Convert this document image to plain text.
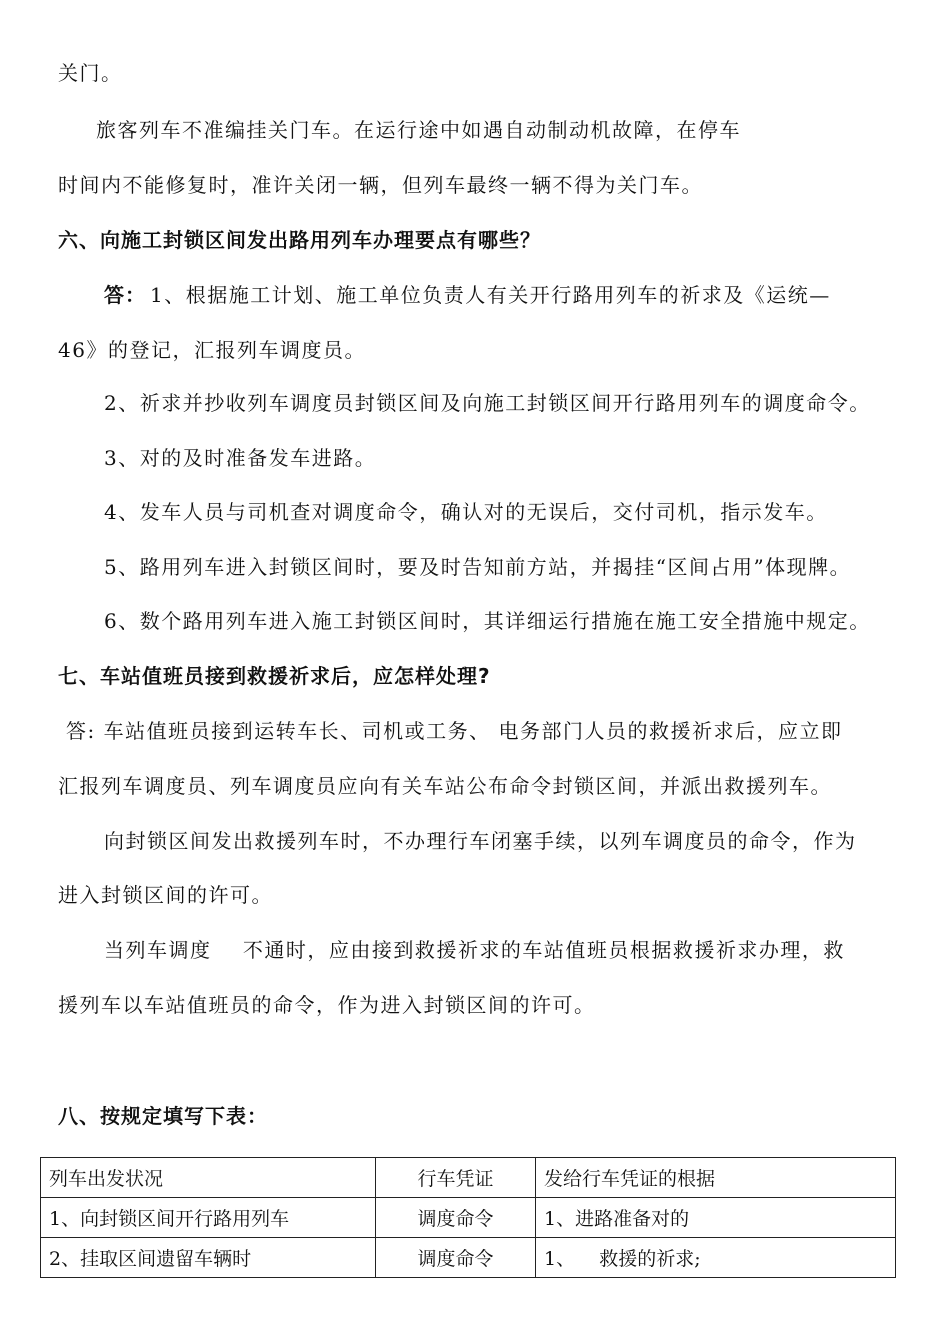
关门。
旅客列车不准编挂关门车。在运行途中如遇自动制动机故障，在停车
时间内不能修复时，准许关闭一辆，但列车最终一辆不得为关门车。
六、向施工封锁区间发出路用列车办理要点有哪些？
答： 1、根据施工计划、施工单位负责人有关开行路用列车的祈求及《运统—
46》的登记，汇报列车调度员。
2、祈求并抄收列车调度员封锁区间及向施工封锁区间开行路用列车的调度命令。
3、对的及时准备发车进路。
4、发车人员与司机查对调度命令，确认对的无误后，交付司机，指示发车。
5、路用列车进入封锁区间时，要及时告知前方站，并揭挂“区间占用”体现牌。
6、数个路用列车进入施工封锁区间时，其详细运行措施在施工安全措施中规定。
七、车站值班员接到救援祈求后，应怎样处理?
答: 车站值班员接到运转车长、司机或工务、 电务部门人员的救援祈求后，应立即
汇报列车调度员、列车调度员应向有关车站公布命令封锁区间，并派出救援列车。
向封锁区间发出救援列车时，不办理行车闭塞手续，以列车调度员的命令，作为
进入封锁区间的许可。
当列车调度    不通时，应由接到救援祈求的车站值班员根据救援祈求办理，救
援列车以车站值班员的命令，作为进入封锁区间的许可。
八、按规定填写下表：
列车出发状况	行车凭证	发给行车凭证的根据
1、向封锁区间开行路用列车	调度命令	1、进路准备对的
2、挂取区间遗留车辆时	调度命令	1、    救援的祈求;
